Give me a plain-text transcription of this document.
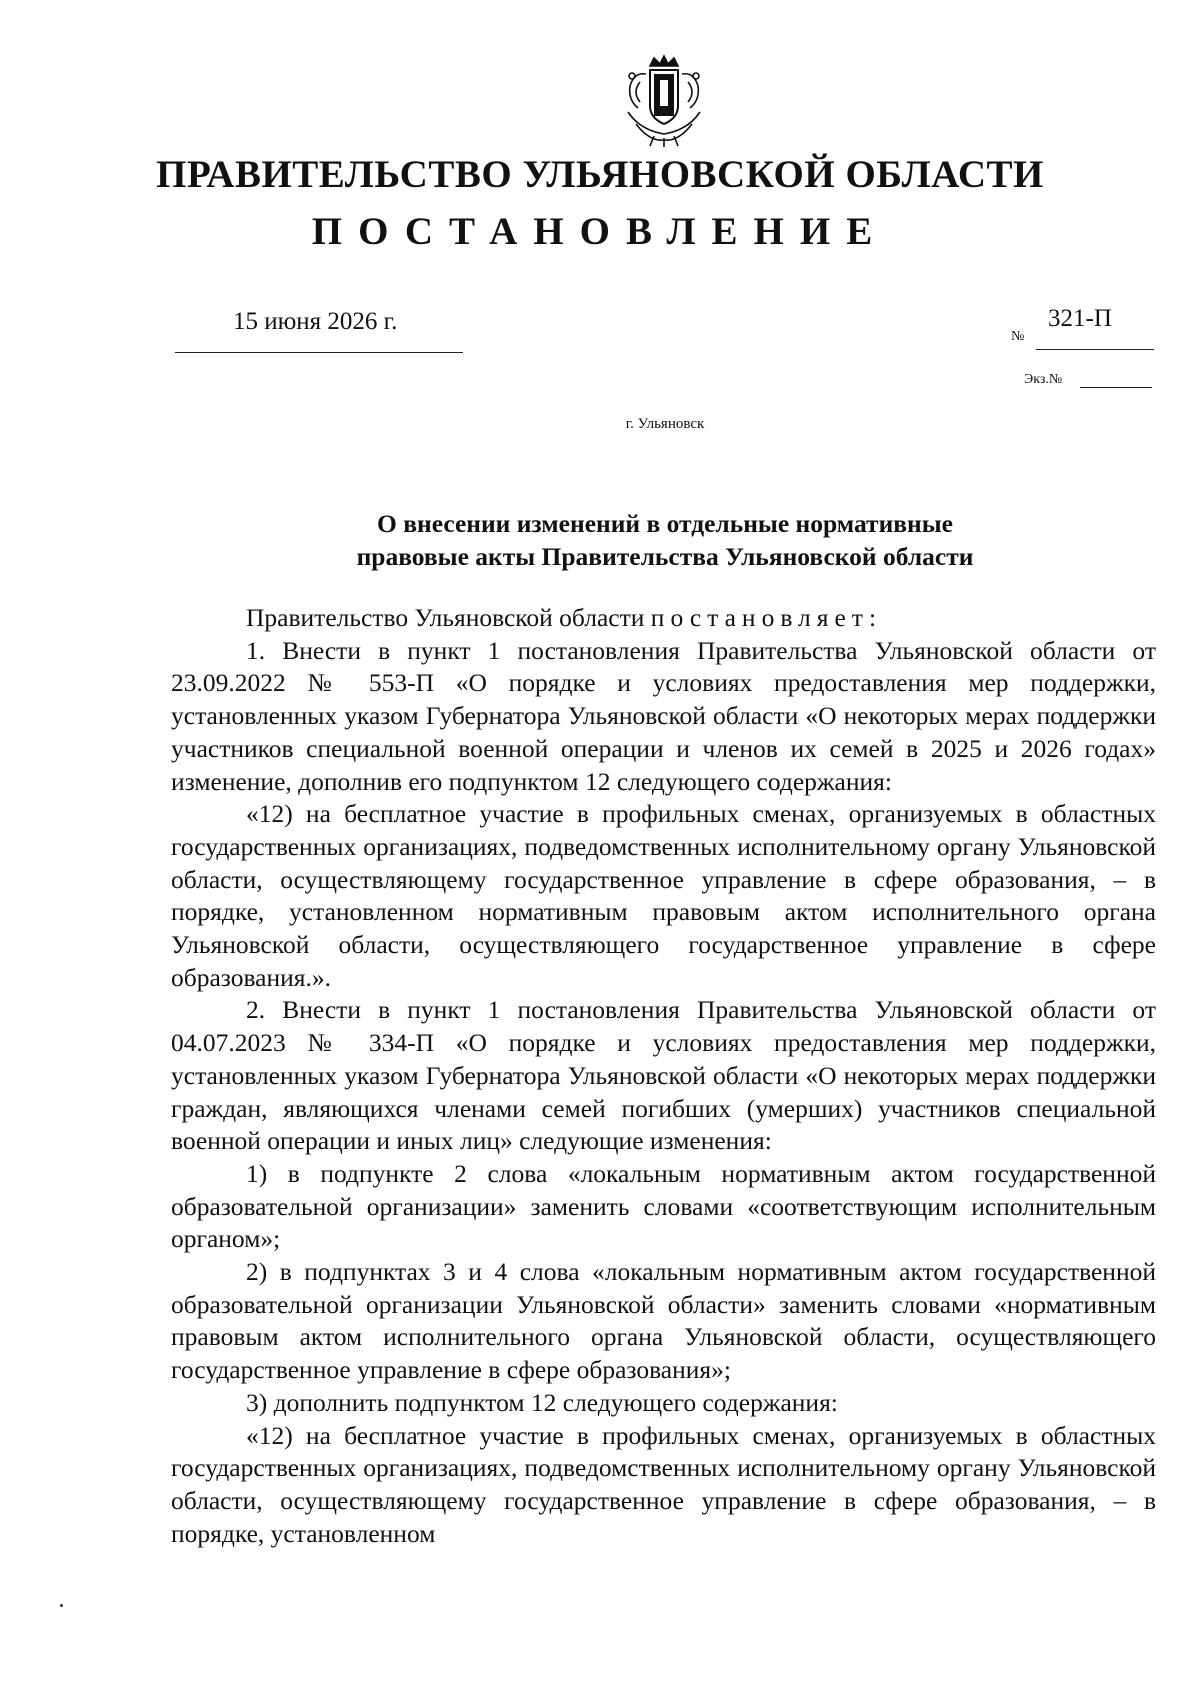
ПРАВИТЕЛЬСТВО УЛЬЯНОВСКОЙ ОБЛАСТИ
ПОСТАНОВЛЕНИЕ
15 июня 2026 г.
№
321-П
Экз.№
г. Ульяновск
О внесении изменений в отдельные нормативные
правовые акты Правительства Ульяновской области

Правительство Ульяновской области постановляет:

1. Внести в пункт 1 постановления Правительства Ульяновской области от 23.09.2022 № 553-П «О порядке и условиях предоставления мер поддержки, установленных указом Губернатора Ульяновской области «О некоторых мерах поддержки участников специальной военной операции и членов их семей в 2025 и 2026 годах» изменение, дополнив его подпунктом 12 следующего содержания:

«12) на бесплатное участие в профильных сменах, организуемых в областных государственных организациях, подведомственных исполнительному органу Ульяновской области, осуществляющему государственное управление в сфере образования, – в порядке, установленном нормативным правовым актом исполнительного органа Ульяновской области, осуществляющего государственное управление в сфере образования.».

2. Внести в пункт 1 постановления Правительства Ульяновской области от 04.07.2023 № 334-П «О порядке и условиях предоставления мер поддержки, установленных указом Губернатора Ульяновской области «О некоторых мерах поддержки граждан, являющихся членами семей погибших (умерших) участников специальной военной операции и иных лиц» следующие изменения:

1) в подпункте 2 слова «локальным нормативным актом государственной образовательной организации» заменить словами «соответствующим исполнительным органом»;

2) в подпунктах 3 и 4 слова «локальным нормативным актом государственной образовательной организации Ульяновской области» заменить словами «нормативным правовым актом исполнительного органа Ульяновской области, осуществляющего государственное управление в сфере образования»;

3) дополнить подпунктом 12 следующего содержания:

«12) на бесплатное участие в профильных сменах, организуемых в областных государственных организациях, подведомственных исполнительному органу Ульяновской области, осуществляющему государственное управление в сфере образования, – в порядке, установленном
